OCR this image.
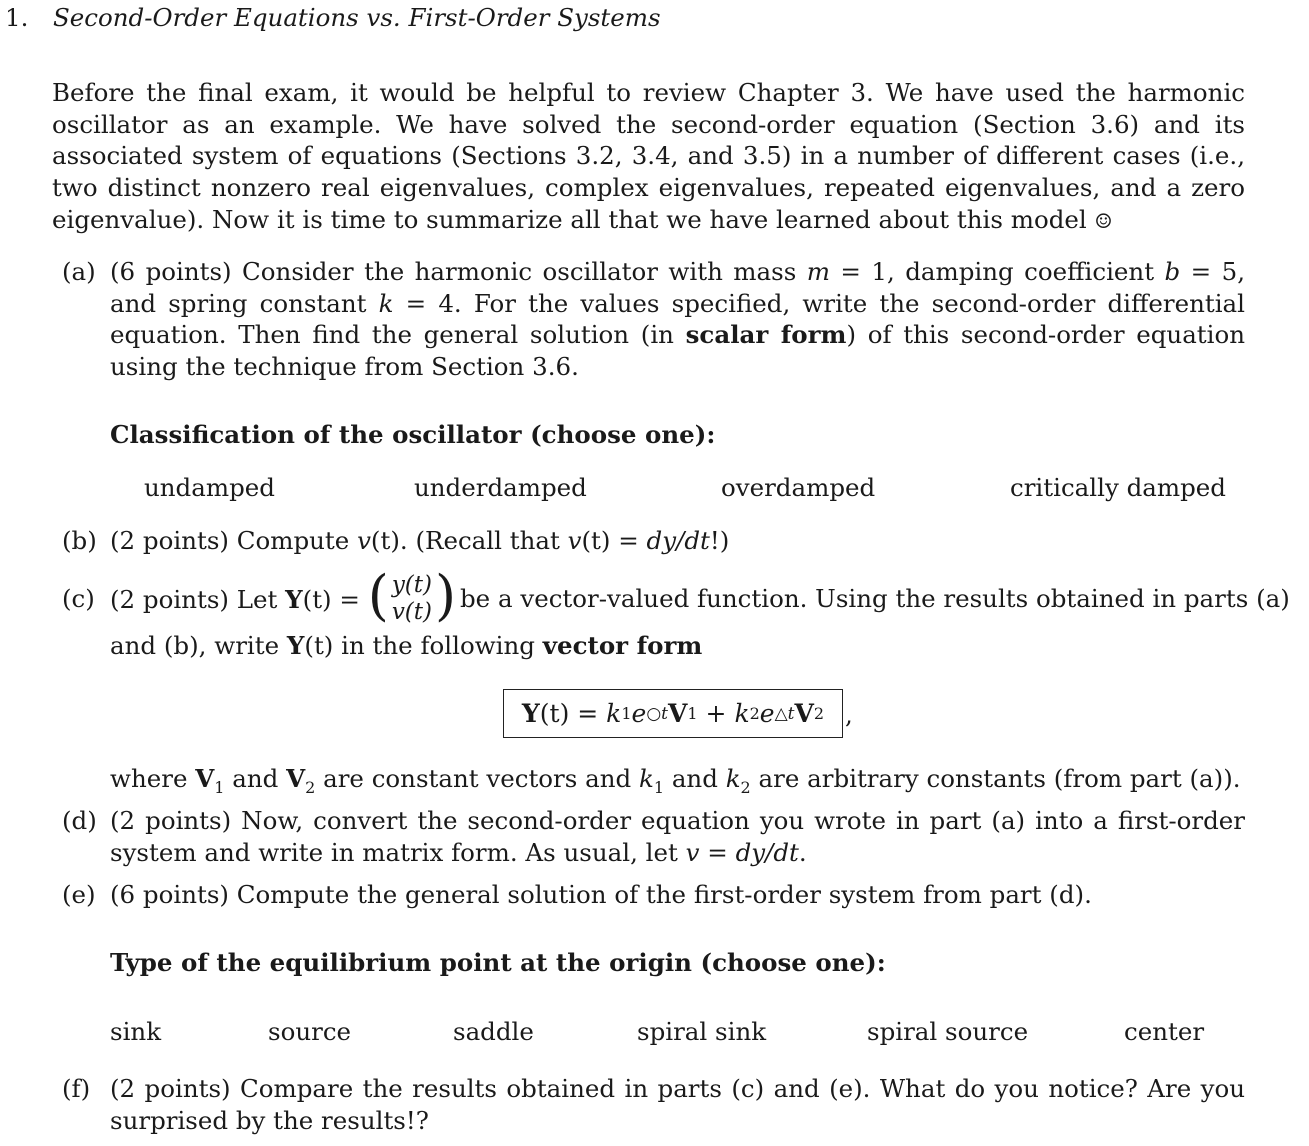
1. Second-Order Equations vs. First-Order Systems
Before the final exam, it would be helpful to review Chapter 3. We have used the harmonic oscillator as an example. We have solved the second-order equation (Section 3.6) and its associated system of equations (Sections 3.2, 3.4, and 3.5) in a number of different cases (i.e., two distinct nonzero real eigenvalues, complex eigenvalues, repeated eigenvalues, and a zero eigenvalue). Now it is time to summarize all that we have learned about this model ☺
(a) (6 points) Consider the harmonic oscillator with mass m = 1, damping coefficient b = 5, and spring constant k = 4. For the values specified, write the second-order differential equation. Then find the general solution (in scalar form) of this second-order equation using the technique from Section 3.6.
Classification of the oscillator (choose one):
undamped	underdamped	overdamped	critically damped
(b) (2 points) Compute v(t). (Recall that v(t) = dy/dt!)
(c) (2 points) Let Y (t) = ( y(t)
v(t) ) be a vector-valued function. Using the results obtained in parts (a)
and (b), write Y(t) in the following vector form
Y (t) = k 1 e ○t V 1 + k 2 e △t V 2 ,
where $V_1$ and $V_2$ are constant vectors and $k_1$ and $k_2$ are arbitrary constants (from part (a)).
(d) (2 points) Now, convert the second-order equation you wrote in part (a) into a first-order system and write in matrix form. As usual, let v = dy/dt.
(e) (6 points) Compute the general solution of the first-order system from part (d).
Type of the equilibrium point at the origin (choose one):
sink	source	saddle	spiral sink	spiral source	center
(f) (2 points) Compare the results obtained in parts (c) and (e). What do you notice? Are you surprised by the results!?
